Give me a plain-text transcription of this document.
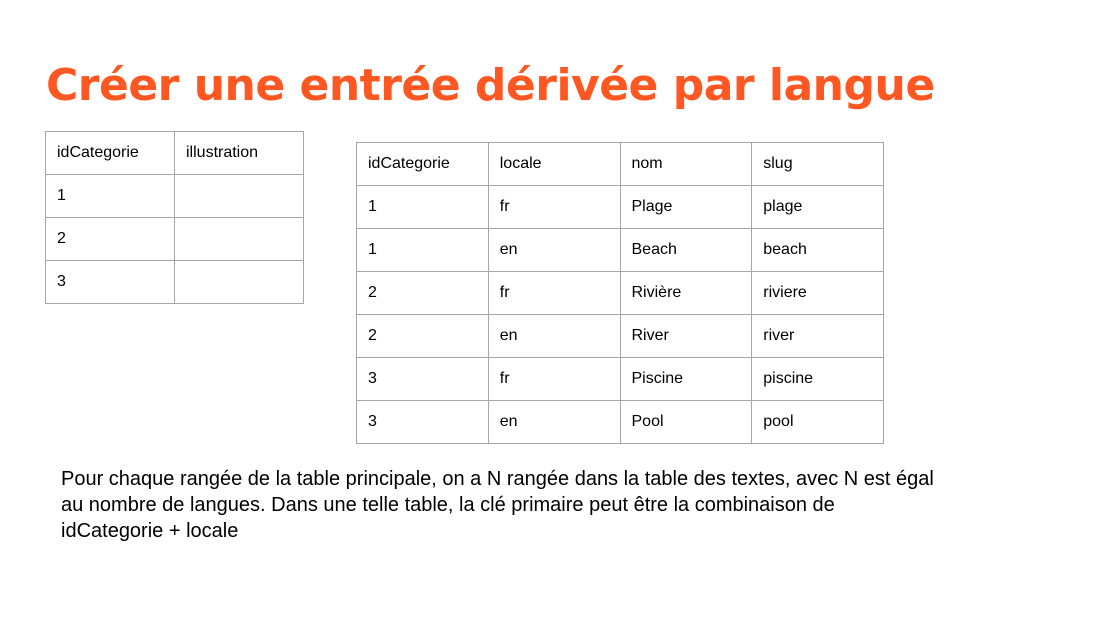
Créer une entrée dérivée par langue
idCategorie	illustration
1	
2	
3	
idCategorie	locale	nom	slug
1	fr	Plage	plage
1	en	Beach	beach
2	fr	Rivière	riviere
2	en	River	river
3	fr	Piscine	piscine
3	en	Pool	pool

Pour chaque rangée de la table principale, on a N rangée dans la table des textes, avec N est égal au nombre de langues. Dans une telle table, la clé primaire peut être la combinaison de idCategorie + locale
